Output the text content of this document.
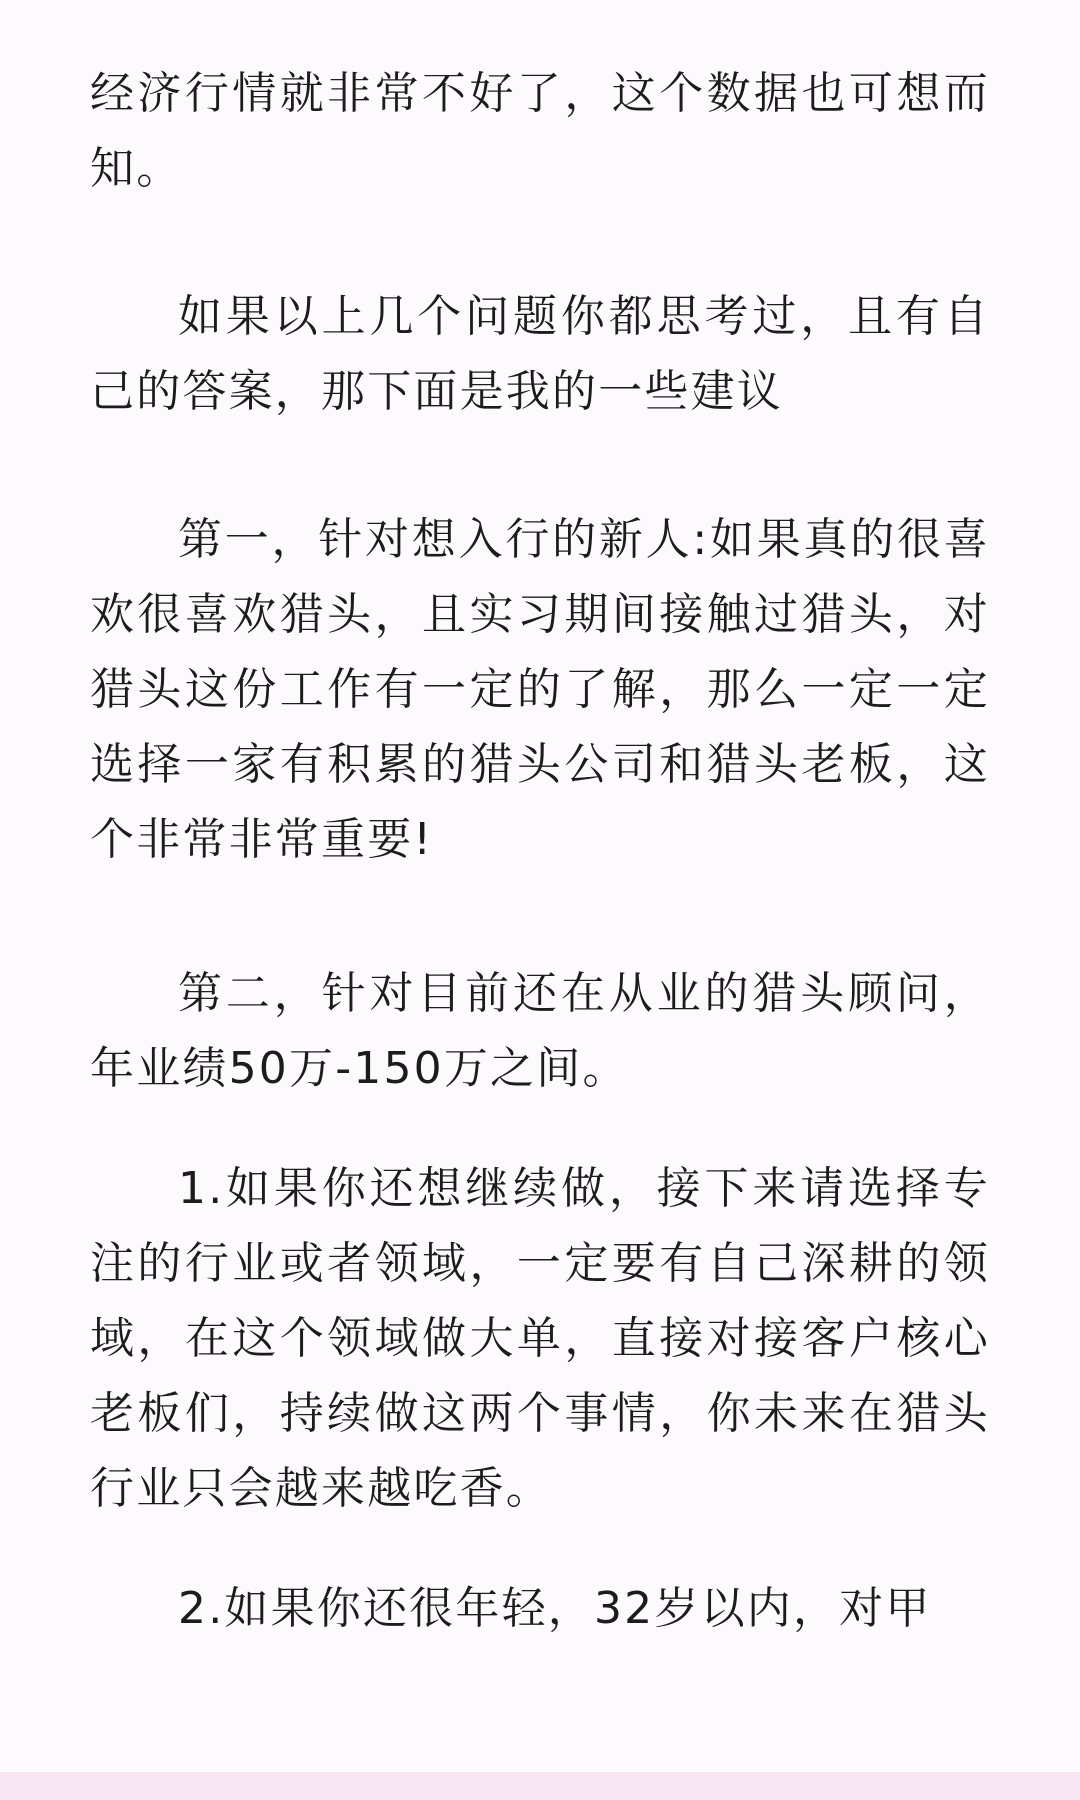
经济行情就非常不好了，这个数据也可想而知。

如果以上几个问题你都思考过，且有自己的答案，那下面是我的一些建议

第一，针对想入行的新人:如果真的很喜欢很喜欢猎头，且实习期间接触过猎头，对猎头这份工作有一定的了解，那么一定一定选择一家有积累的猎头公司和猎头老板，这个非常非常重要!

第二，针对目前还在从业的猎头顾问，年业绩50万-150万之间。

1.如果你还想继续做，接下来请选择专注的行业或者领域，一定要有自己深耕的领域，在这个领域做大单，直接对接客户核心老板们，持续做这两个事情，你未来在猎头行业只会越来越吃香。

2.如果你还很年轻，32岁以内，对甲
